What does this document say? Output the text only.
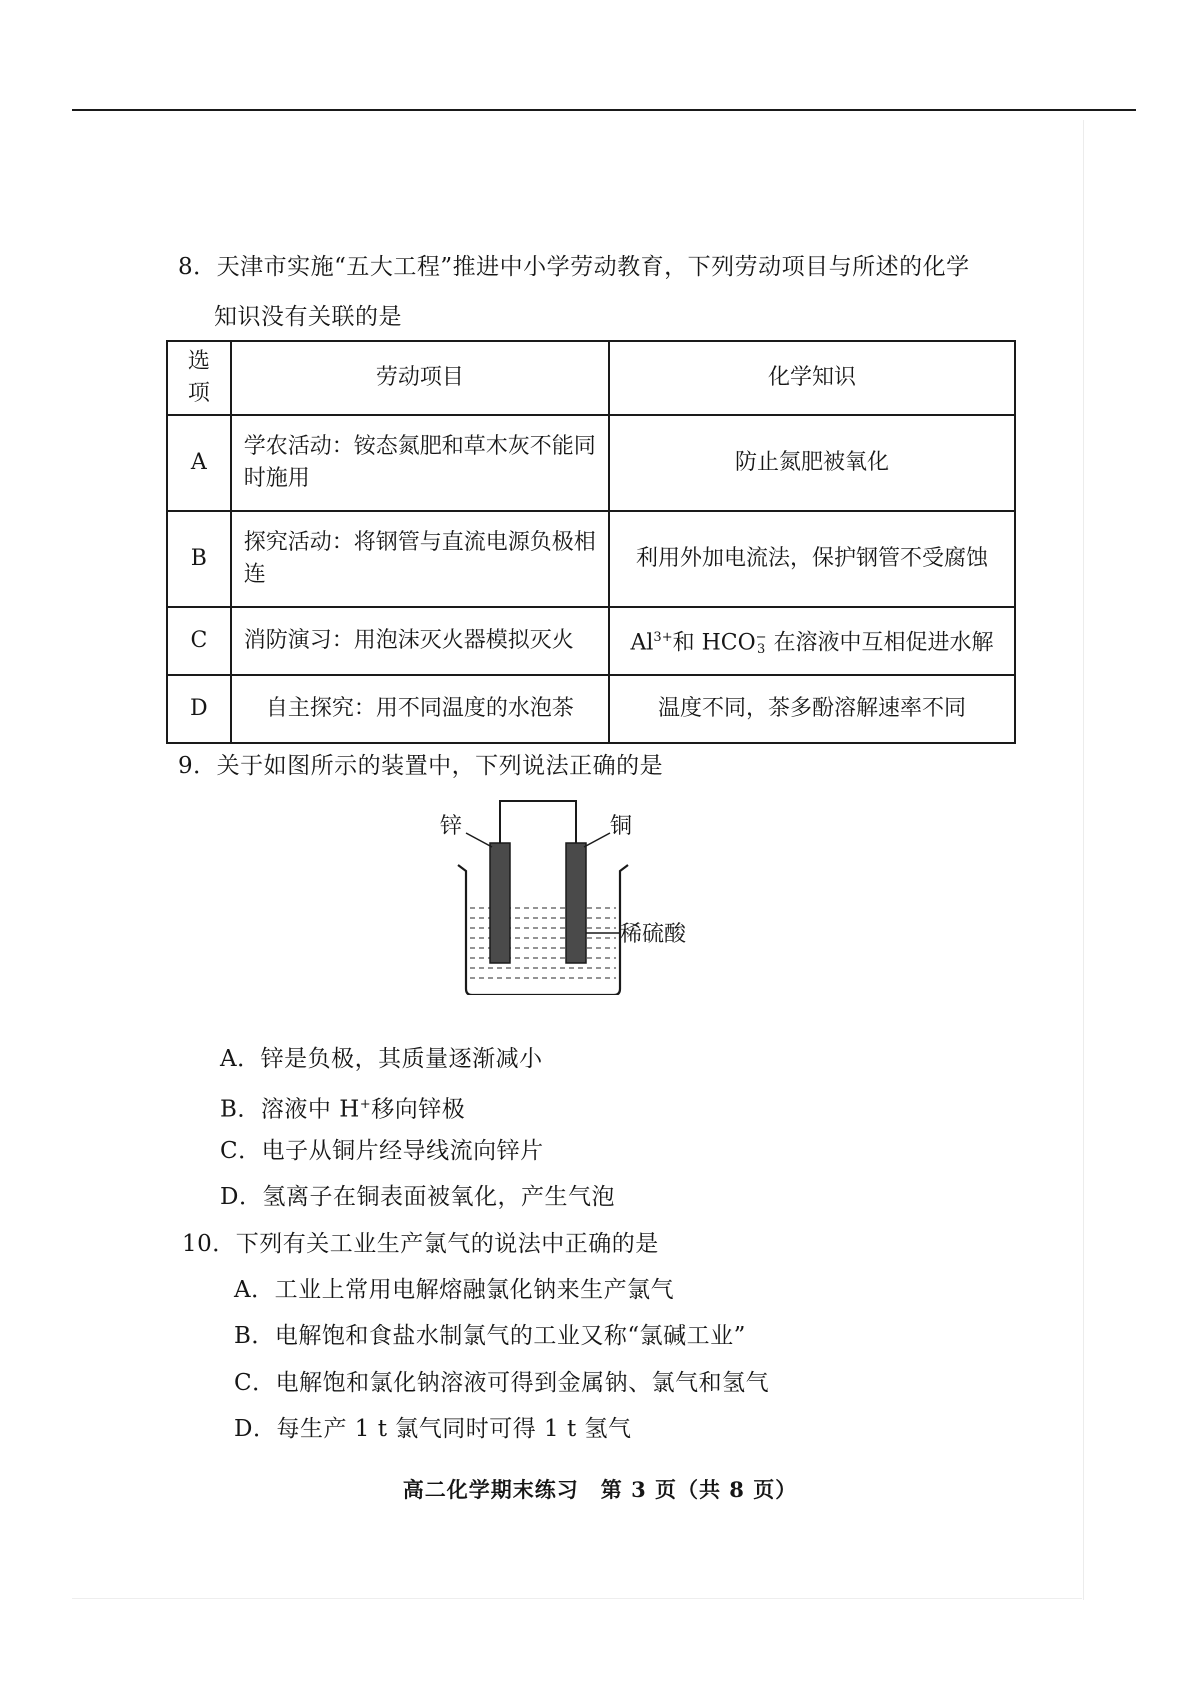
8．天津市实施“五大工程”推进中小学劳动教育，下列劳动项目与所述的化学
知识没有关联的是
选项	劳动项目	化学知识
A	学农活动：铵态氮肥和草木灰不能同时施用	防止氮肥被氧化
B	探究活动：将钢管与直流电源负极相连	利用外加电流法，保护钢管不受腐蚀
C	消防演习：用泡沫灭火器模拟灭火	$Al^{3+}$和 HCO −
3 在溶液中互相促进水解
D	自主探究：用不同温度的水泡茶	温度不同，茶多酚溶解速率不同
9．关于如图所示的装置中，下列说法正确的是
锌	铜
稀硫酸
A．锌是负极，其质量逐渐减小
B．溶液中 H+移向锌极
C．电子从铜片经导线流向锌片
D．氢离子在铜表面被氧化，产生气泡
10．下列有关工业生产氯气的说法中正确的是
A．工业上常用电解熔融氯化钠来生产氯气
B．电解饱和食盐水制氯气的工业又称“氯碱工业”
C．电解饱和氯化钠溶液可得到金属钠、氯气和氢气
D．每生产 1 t 氯气同时可得 1 t 氢气
高二化学期末练习　第 3 页（共 8 页）
